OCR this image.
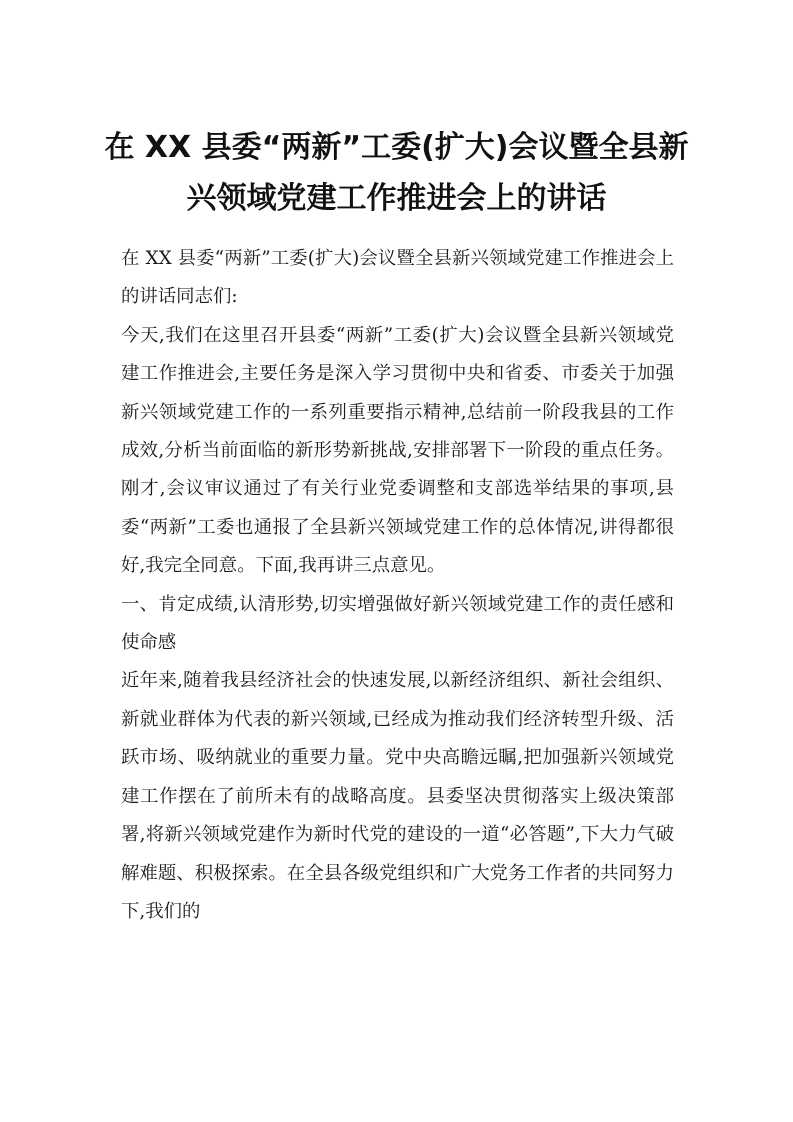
在 XX 县委“两新”工委(扩大)会议暨全县新兴领域党建工作推进会上的讲话

在 XX 县委“两新”工委(扩大)会议暨全县新兴领域党建工作推进会上的讲话同志们:

今天,我们在这里召开县委“两新”工委(扩大)会议暨全县新兴领域党建工作推进会,主要任务是深入学习贯彻中央和省委、市委关于加强新兴领域党建工作的一系列重要指示精神,总结前一阶段我县的工作成效,分析当前面临的新形势新挑战,安排部署下一阶段的重点任务。刚才,会议审议通过了有关行业党委调整和支部选举结果的事项,县委“两新”工委也通报了全县新兴领域党建工作的总体情况,讲得都很好,我完全同意。下面,我再讲三点意见。

一、肯定成绩,认清形势,切实增强做好新兴领域党建工作的责任感和使命感

近年来,随着我县经济社会的快速发展,以新经济组织、新社会组织、新就业群体为代表的新兴领域,已经成为推动我们经济转型升级、活跃市场、吸纳就业的重要力量。党中央高瞻远瞩,把加强新兴领域党建工作摆在了前所未有的战略高度。县委坚决贯彻落实上级决策部署,将新兴领域党建作为新时代党的建设的一道“必答题”,下大力气破解难题、积极探索。在全县各级党组织和广大党务工作者的共同努力下,我们的
